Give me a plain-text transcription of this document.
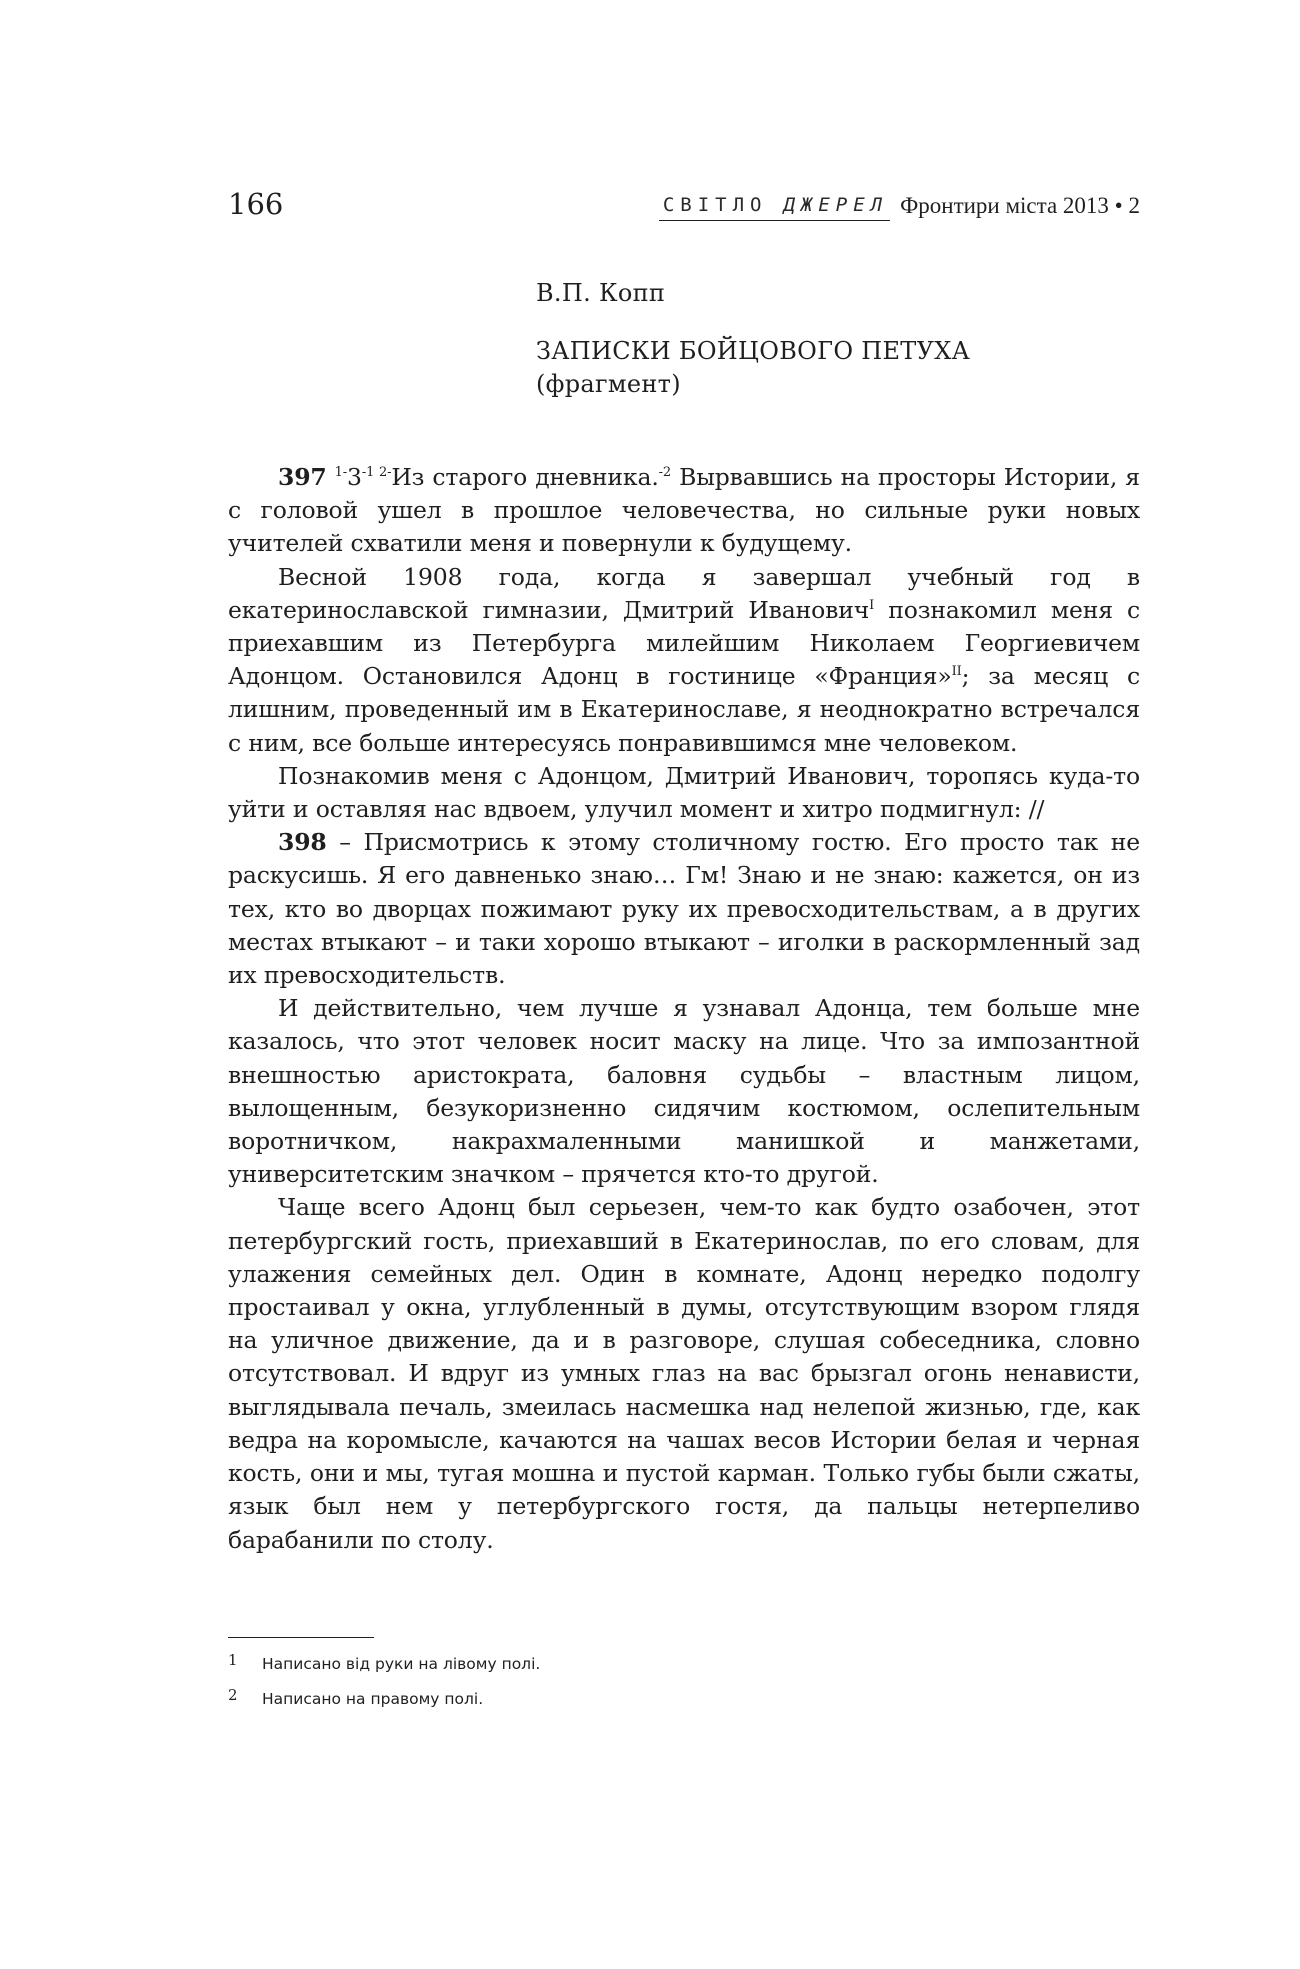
166	СВІТЛО ДЖЕРЕЛ Фронтири міста 2013 • 2
В.П. Копп
ЗАПИСКИ БОЙЦОВОГО ПЕТУХА
(фрагмент)

397 $^{1-}3^{-1 2-}Из$ старого дневника.$^{-2}$ Вырвавшись на просторы Истории, я с головой ушел в прошлое человечества, но сильные руки новых учителей схватили меня и повернули к будущему.

Весной 1908 года, когда я завершал учебный год в екатеринославской гимназии, Дмитрий Иванович$^I$ познакомил меня с приехавшим из Петербурга милейшим Николаем Георгиевичем Адонцом. Остановился Адонц в гостинице «Франция»$^{II}$; за месяц с лишним, проведенный им в Екатеринославе, я неоднократно встречался с ним, все больше интересуясь понравившимся мне человеком.

Познакомив меня с Адонцом, Дмитрий Иванович, торопясь куда-то уйти и оставляя нас вдвоем, улучил момент и хитро подмигнул: //

398 – Присмотрись к этому столичному гостю. Его просто так не раскусишь. Я его давненько знаю… Гм! Знаю и не знаю: кажется, он из тех, кто во дворцах пожимают руку их превосходительствам, а в других местах втыкают – и таки хорошо втыкают – иголки в раскормленный зад их превосходительств.

И действительно, чем лучше я узнавал Адонца, тем больше мне казалось, что этот человек носит маску на лице. Что за импозантной внешностью аристократа, баловня судьбы – властным лицом, вылощенным, безукоризненно сидячим костюмом, ослепительным воротничком, накрахмаленными манишкой и манжетами, университетским значком – прячется кто-то другой.

Чаще всего Адонц был серьезен, чем-то как будто озабочен, этот петербургский гость, приехавший в Екатеринослав, по его словам, для улажения семейных дел. Один в комнате, Адонц нередко подолгу простаивал у окна, углубленный в думы, отсутствующим взором глядя на уличное движение, да и в разговоре, слушая собеседника, словно отсутствовал. И вдруг из умных глаз на вас брызгал огонь ненависти, выглядывала печаль, змеилась насмешка над нелепой жизнью, где, как ведра на коромысле, качаются на чашах весов Истории белая и черная кость, они и мы, тугая мошна и пустой карман. Только губы были сжаты, язык был нем у петербургского гостя, да пальцы нетерпеливо барабанили по столу.

1	Написано від руки на лівому полі.
2	Написано на правому полі.
